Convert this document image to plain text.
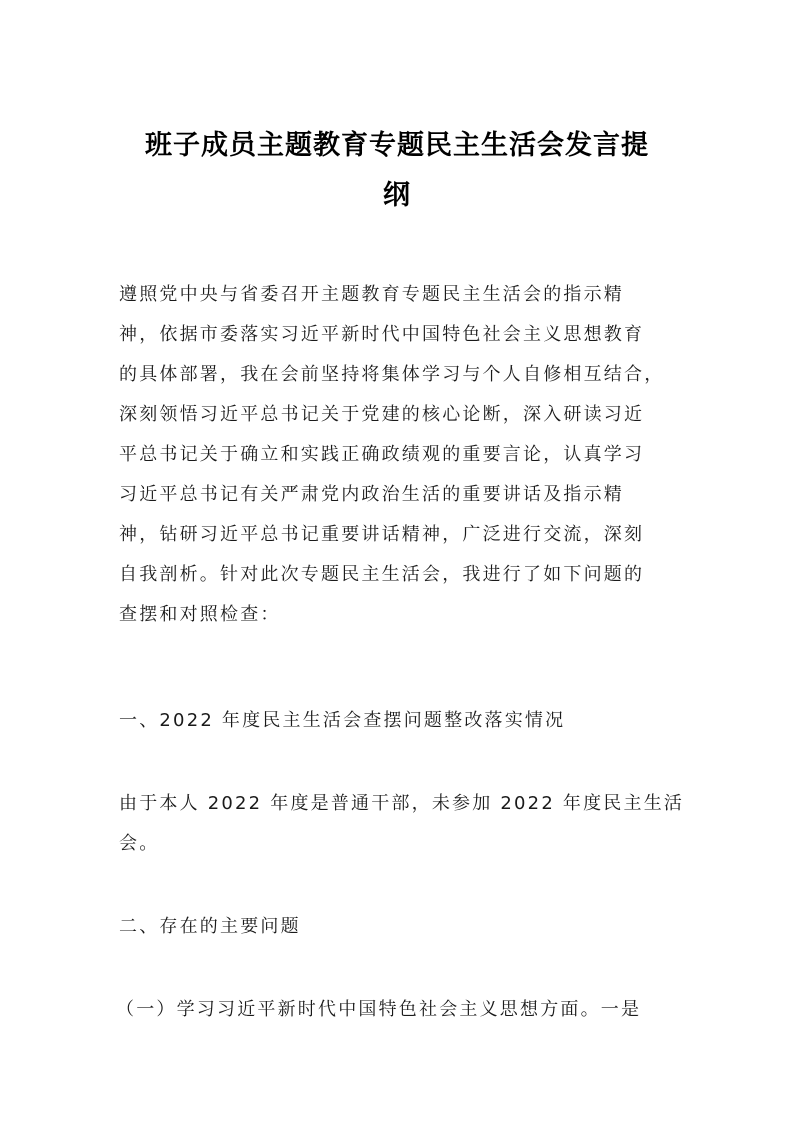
班子成员主题教育专题民主生活会发言提
纲
遵照党中央与省委召开主题教育专题民主生活会的指示精
神，依据市委落实习近平新时代中国特色社会主义思想教育
的具体部署，我在会前坚持将集体学习与个人自修相互结合，
深刻领悟习近平总书记关于党建的核心论断，深入研读习近
平总书记关于确立和实践正确政绩观的重要言论，认真学习
习近平总书记有关严肃党内政治生活的重要讲话及指示精
神，钻研习近平总书记重要讲话精神，广泛进行交流，深刻
自我剖析。针对此次专题民主生活会，我进行了如下问题的
查摆和对照检查：
一、2022 年度民主生活会查摆问题整改落实情况
由于本人 2022 年度是普通干部，未参加 2022 年度民主生活
会。
二、存在的主要问题
（一）学习习近平新时代中国特色社会主义思想方面。一是
